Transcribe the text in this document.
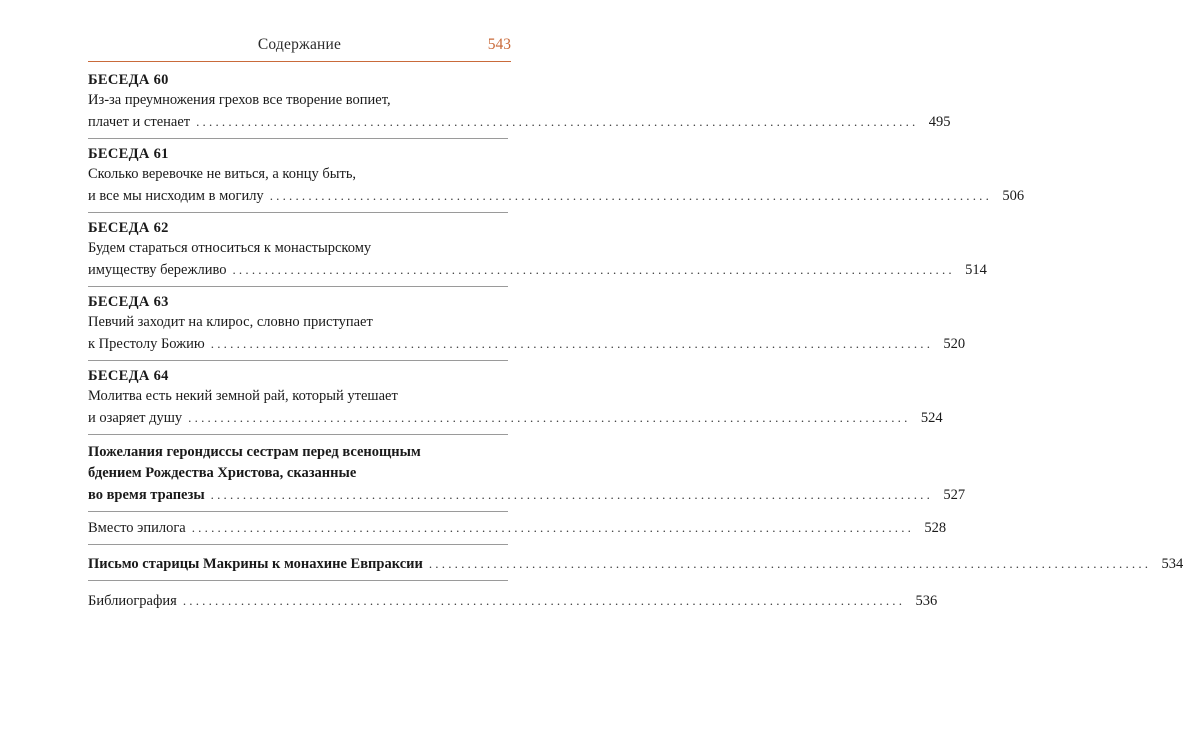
Содержание	543
БЕСЕДА 60
Из-за преумножения грехов все творение вопиет,
плачет и стенает ................................................................................................................ 495
БЕСЕДА 61
Сколько веревочке не виться, а концу быть,
и все мы нисходим в могилу ................................................................................................................ 506
БЕСЕДА 62
Будем стараться относиться к монастырскому
имуществу бережливо ................................................................................................................ 514
БЕСЕДА 63
Певчий заходит на клирос, словно приступает
к Престолу Божию ................................................................................................................ 520
БЕСЕДА 64
Молитва есть некий земной рай, который утешает
и озаряет душу ................................................................................................................ 524
Пожелания герондиссы сестрам перед всенощным
бдением Рождества Христова, сказанные
во время трапезы ................................................................................................................ 527
Вместо эпилога ................................................................................................................ 528
Письмо старицы Макрины к монахине Евпраксии ................................................................................................................ 534
Библиография ................................................................................................................ 536
